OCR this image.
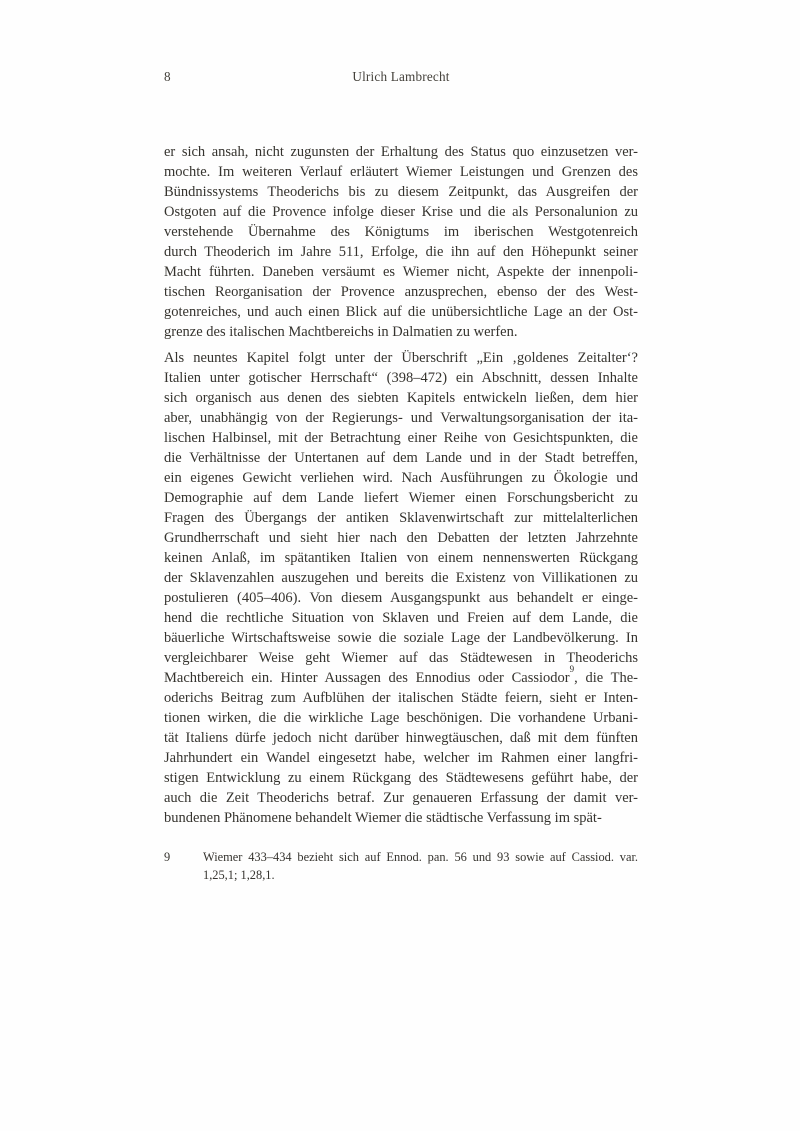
8	Ulrich Lambrecht
er sich ansah, nicht zugunsten der Erhaltung des Status quo einzusetzen ver-
mochte. Im weiteren Verlauf erläutert Wiemer Leistungen und Grenzen des
Bündnissystems Theoderichs bis zu diesem Zeitpunkt, das Ausgreifen der
Ostgoten auf die Provence infolge dieser Krise und die als Personalunion zu
verstehende Übernahme des Königtums im iberischen Westgotenreich
durch Theoderich im Jahre 511, Erfolge, die ihn auf den Höhepunkt seiner
Macht führten. Daneben versäumt es Wiemer nicht, Aspekte der innenpoli-
tischen Reorganisation der Provence anzusprechen, ebenso der des West-
gotenreiches, und auch einen Blick auf die unübersichtliche Lage an der Ost-
grenze des italischen Machtbereichs in Dalmatien zu werfen.
Als neuntes Kapitel folgt unter der Überschrift „Ein ‚goldenes Zeitalter‘?
Italien unter gotischer Herrschaft“ (398–472) ein Abschnitt, dessen Inhalte
sich organisch aus denen des siebten Kapitels entwickeln ließen, dem hier
aber, unabhängig von der Regierungs- und Verwaltungsorganisation der ita-
lischen Halbinsel, mit der Betrachtung einer Reihe von Gesichtspunkten, die
die Verhältnisse der Untertanen auf dem Lande und in der Stadt betreffen,
ein eigenes Gewicht verliehen wird. Nach Ausführungen zu Ökologie und
Demographie auf dem Lande liefert Wiemer einen Forschungsbericht zu
Fragen des Übergangs der antiken Sklavenwirtschaft zur mittelalterlichen
Grundherrschaft und sieht hier nach den Debatten der letzten Jahrzehnte
keinen Anlaß, im spätantiken Italien von einem nennenswerten Rückgang
der Sklavenzahlen auszugehen und bereits die Existenz von Villikationen zu
postulieren (405–406). Von diesem Ausgangspunkt aus behandelt er einge-
hend die rechtliche Situation von Sklaven und Freien auf dem Lande, die
bäuerliche Wirtschaftsweise sowie die soziale Lage der Landbevölkerung. In
vergleichbarer Weise geht Wiemer auf das Städtewesen in Theoderichs
Machtbereich ein. Hinter Aussagen des Ennodius oder Cassiodor$^9$, die The-
oderichs Beitrag zum Aufblühen der italischen Städte feiern, sieht er Inten-
tionen wirken, die die wirkliche Lage beschönigen. Die vorhandene Urbani-
tät Italiens dürfe jedoch nicht darüber hinwegtäuschen, daß mit dem fünften
Jahrhundert ein Wandel eingesetzt habe, welcher im Rahmen einer langfri-
stigen Entwicklung zu einem Rückgang des Städtewesens geführt habe, der
auch die Zeit Theoderichs betraf. Zur genaueren Erfassung der damit ver-
bundenen Phänomene behandelt Wiemer die städtische Verfassung im spät-
9	Wiemer 433–434 bezieht sich auf Ennod. pan. 56 und 93 sowie auf Cassiod. var.
1,25,1; 1,28,1.
